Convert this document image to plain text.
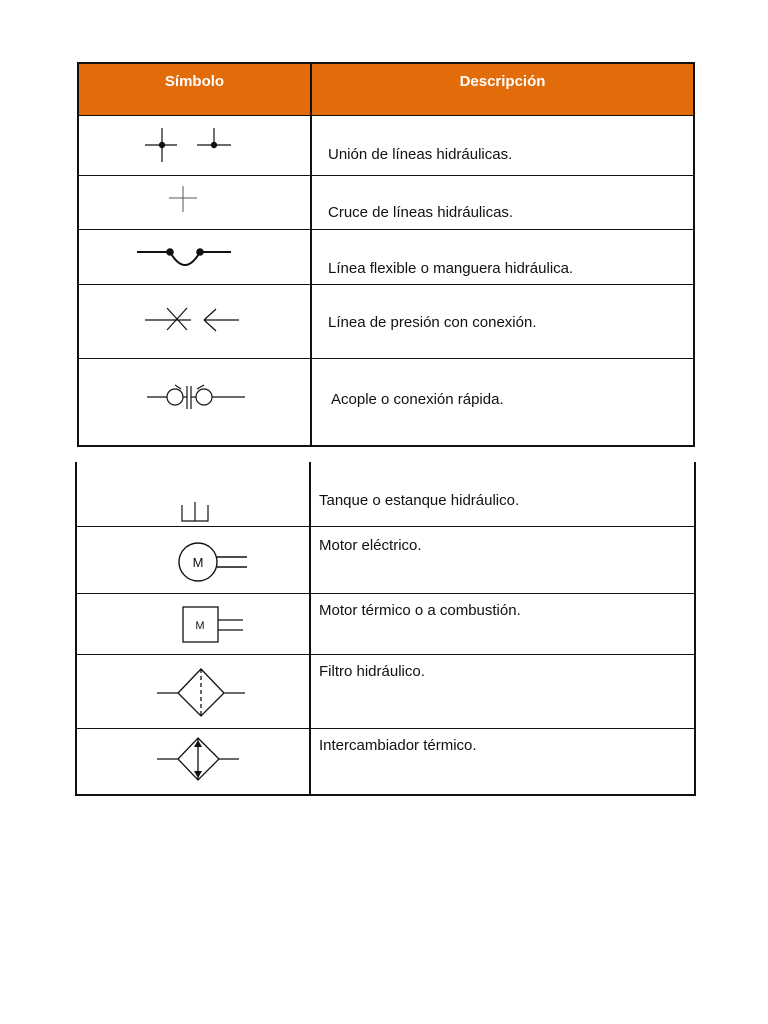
Símbolo	Descripción
Unión de líneas hidráulicas.
Cruce de líneas hidráulicas.
Línea flexible o manguera hidráulica.
Línea de presión con conexión.
Acople o conexión rápida.
Tanque o estanque hidráulico.
M
Motor eléctrico.
M
Motor térmico o a combustión.
Filtro hidráulico.
Intercambiador térmico.
